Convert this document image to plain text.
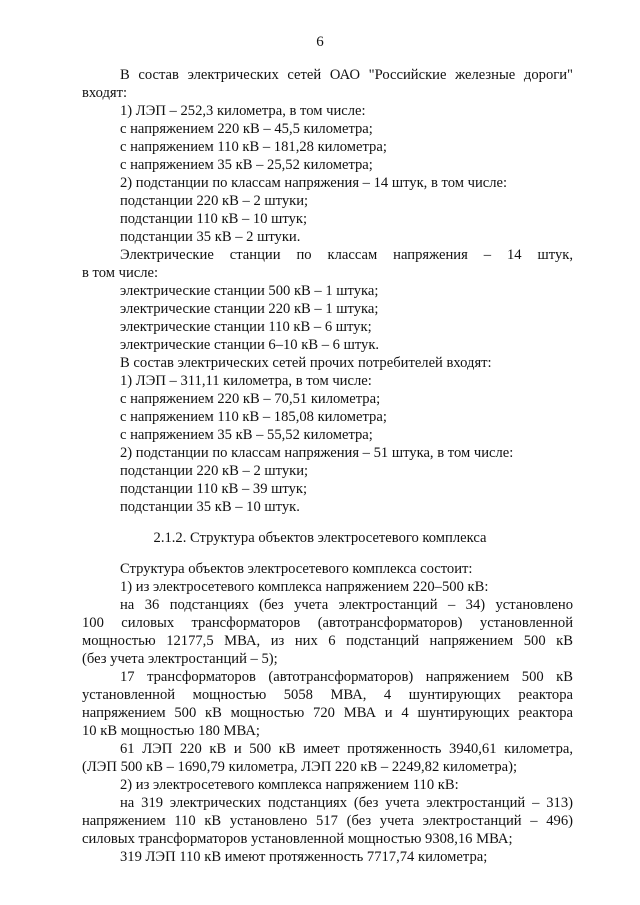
6
В состав электрических сетей ОАО "Российские железные дороги"
входят:
1) ЛЭП – 252,3 километра, в том числе:
с напряжением 220 кВ – 45,5 километра;
с напряжением 110 кВ – 181,28 километра;
с напряжением 35 кВ – 25,52 километра;
2) подстанции по классам напряжения – 14 штук, в том числе:
подстанции 220 кВ – 2 штуки;
подстанции 110 кВ – 10 штук;
подстанции 35 кВ – 2 штуки.
Электрические станции по классам напряжения – 14 штук,
в том числе:
электрические станции 500 кВ – 1 штука;
электрические станции 220 кВ – 1 штука;
электрические станции 110 кВ – 6 штук;
электрические станции 6–10 кВ – 6 штук.
В состав электрических сетей прочих потребителей входят:
1) ЛЭП – 311,11 километра, в том числе:
с напряжением 220 кВ – 70,51 километра;
с напряжением 110 кВ – 185,08 километра;
с напряжением 35 кВ – 55,52 километра;
2) подстанции по классам напряжения – 51 штука, в том числе:
подстанции 220 кВ – 2 штуки;
подстанции 110 кВ – 39 штук;
подстанции 35 кВ – 10 штук.
2.1.2. Структура объектов электросетевого комплекса
Структура объектов электросетевого комплекса состоит:
1) из электросетевого комплекса напряжением 220–500 кВ:
на 36 подстанциях (без учета электростанций – 34) установлено
100 силовых трансформаторов (автотрансформаторов) установленной
мощностью 12177,5 МВА, из них 6 подстанций напряжением 500 кВ
(без учета электростанций – 5);
17 трансформаторов (автотрансформаторов) напряжением 500 кВ
установленной мощностью 5058 МВА, 4 шунтирующих реактора
напряжением 500 кВ мощностью 720 МВА и 4 шунтирующих реактора
10 кВ мощностью 180 МВА;
61 ЛЭП 220 кВ и 500 кВ имеет протяженность 3940,61 километра,
(ЛЭП 500 кВ – 1690,79 километра, ЛЭП 220 кВ – 2249,82 километра);
2) из электросетевого комплекса напряжением 110 кВ:
на 319 электрических подстанциях (без учета электростанций – 313)
напряжением 110 кВ установлено 517 (без учета электростанций – 496)
силовых трансформаторов установленной мощностью 9308,16 МВА;
319 ЛЭП 110 кВ имеют протяженность 7717,74 километра;
